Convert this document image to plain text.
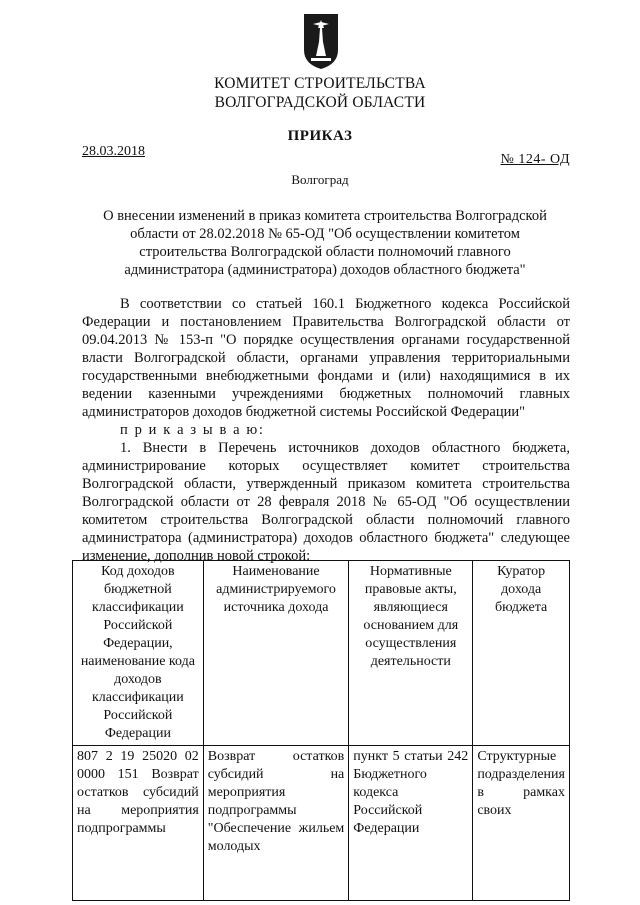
КОМИТЕТ СТРОИТЕЛЬСТВА
ВОЛГОГРАДСКОЙ ОБЛАСТИ
ПРИКАЗ
28.03.2018
№ 124- ОД
Волгоград
О внесении изменений в приказ комитета строительства Волгоградской
области от 28.02.2018 № 65-ОД "Об осуществлении комитетом
строительства Волгоградской области полномочий главного
администратора (администратора) доходов областного бюджета"

В соответствии со статьей 160.1 Бюджетного кодекса Российской Федерации и постановлением Правительства Волгоградской области от 09.04.2013 № 153-п "О порядке осуществления органами государственной власти Волгоградской области, органами управления территориальными государственными внебюджетными фондами и (или) находящимися в их ведении казенными учреждениями бюджетных полномочий главных администраторов доходов бюджетной системы Российской Федерации"

п р и к а з ы в а ю:

1. Внести в Перечень источников доходов областного бюджета, администрирование которых осуществляет комитет строительства Волгоградской области, утвержденный приказом комитета строительства Волгоградской области от 28 февраля 2018 № 65-ОД "Об осуществлении комитетом строительства Волгоградской области полномочий главного администратора (администратора) доходов областного бюджета" следующее изменение, дополнив новой строкой:

Код доходов бюджетной классификации Российской Федерации, наименование кода доходов классификации Российской Федерации	Наименование администрируемого источника дохода	Нормативные правовые акты, являющиеся основанием для осуществления деятельности	Куратор дохода бюджета
807 2 19 25020 02 0000 151 Возврат остатков субсидий на мероприятия подпрограммы	Возврат остатков субсидий на мероприятия подпрограммы "Обеспечение жильем молодых	пункт 5 статьи 242 Бюджетного кодекса Российской Федерации	Структурные подразделения в рамках своих
